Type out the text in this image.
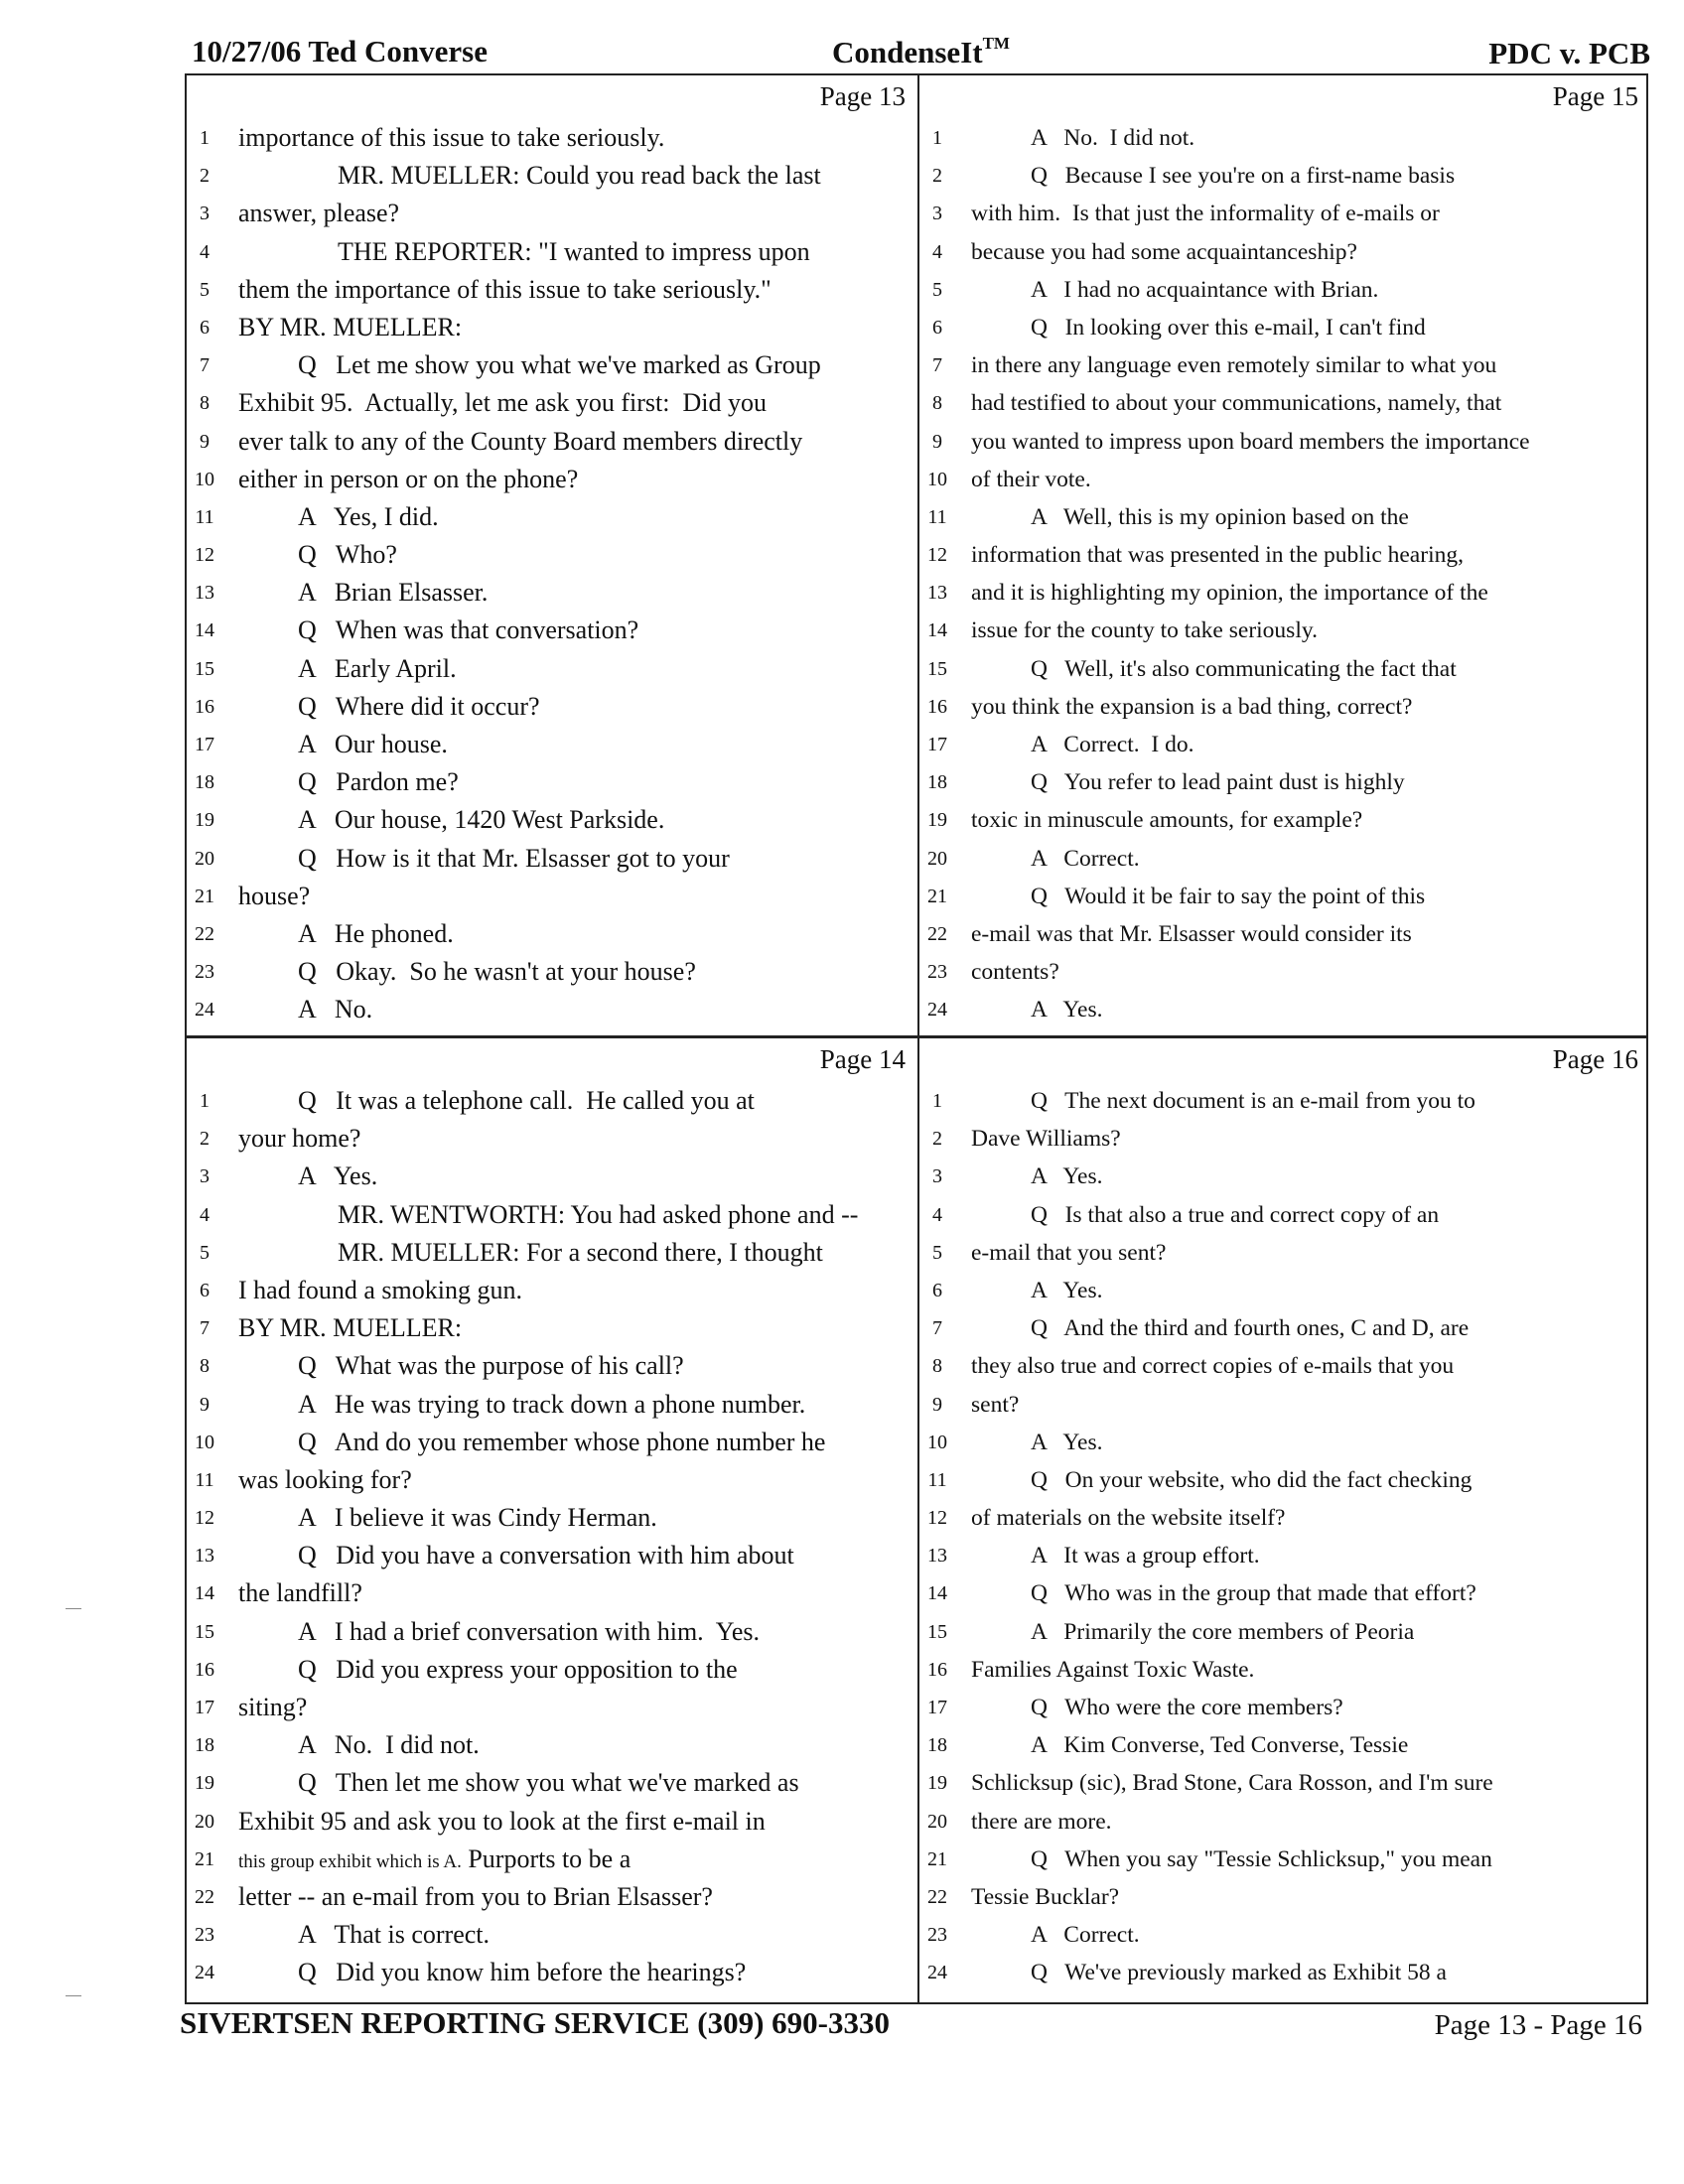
10/27/06 Ted Converse	CondenseIt™	PDC v. PCB
Page 13
1	importance of this issue to take seriously.
2	MR. MUELLER: Could you read back the last
3	answer, please?
4	THE REPORTER: "I wanted to impress upon
5	them the importance of this issue to take seriously."
6	BY MR. MUELLER:
7	Q   Let me show you what we've marked as Group
8	Exhibit 95.  Actually, let me ask you first:  Did you
9	ever talk to any of the County Board members directly
10 either in person or on the phone?
11	A   Yes, I did.
12	Q   Who?
13	A   Brian Elsasser.
14	Q   When was that conversation?
15	A   Early April.
16	Q   Where did it occur?
17	A   Our house.
18	Q   Pardon me?
19	A   Our house, 1420 West Parkside.
20	Q   How is it that Mr. Elsasser got to your
21 house?
22	A   He phoned.
23	Q   Okay.  So he wasn't at your house?
24	A   No.
Page 15
1	A   No.  I did not.
2	Q   Because I see you're on a first-name basis
3	with him.  Is that just the informality of e-mails or
4	because you had some acquaintanceship?
5	A   I had no acquaintance with Brian.
6	Q   In looking over this e-mail, I can't find
7	in there any language even remotely similar to what you
8	had testified to about your communications, namely, that
9	you wanted to impress upon board members the importance
10 of their vote.
11	A   Well, this is my opinion based on the
12 information that was presented in the public hearing,
13 and it is highlighting my opinion, the importance of the
14 issue for the county to take seriously.
15	Q   Well, it's also communicating the fact that
16 you think the expansion is a bad thing, correct?
17	A   Correct.  I do.
18	Q   You refer to lead paint dust is highly
19 toxic in minuscule amounts, for example?
20	A   Correct.
21	Q   Would it be fair to say the point of this
22 e-mail was that Mr. Elsasser would consider its
23 contents?
24	A   Yes.
Page 14
1	Q   It was a telephone call.  He called you at
2	your home?
3	A   Yes.
4	MR. WENTWORTH: You had asked phone and --
5	MR. MUELLER: For a second there, I thought
6	I had found a smoking gun.
7	BY MR. MUELLER:
8	Q   What was the purpose of his call?
9	A   He was trying to track down a phone number.
10	Q   And do you remember whose phone number he
11 was looking for?
12	A   I believe it was Cindy Herman.
13	Q   Did you have a conversation with him about
14 the landfill?
15	A   I had a brief conversation with him.  Yes.
16	Q   Did you express your opposition to the
17 siting?
18	A   No.  I did not.
19	Q   Then let me show you what we've marked as
20 Exhibit 95 and ask you to look at the first e-mail in
21 this group exhibit which is A. Purports to be a
22 letter -- an e-mail from you to Brian Elsasser?
23	A   That is correct.
24	Q   Did you know him before the hearings?
Page 16
1	Q   The next document is an e-mail from you to
2	Dave Williams?
3	A   Yes.
4	Q   Is that also a true and correct copy of an
5	e-mail that you sent?
6	A   Yes.
7	Q   And the third and fourth ones, C and D, are
8	they also true and correct copies of e-mails that you
9	sent?
10	A   Yes.
11	Q   On your website, who did the fact checking
12 of materials on the website itself?
13	A   It was a group effort.
14	Q   Who was in the group that made that effort?
15	A   Primarily the core members of Peoria
16 Families Against Toxic Waste.
17	Q   Who were the core members?
18	A   Kim Converse, Ted Converse, Tessie
19 Schlicksup (sic), Brad Stone, Cara Rosson, and I'm sure
20 there are more.
21	Q   When you say "Tessie Schlicksup," you mean
22 Tessie Bucklar?
23	A   Correct.
24	Q   We've previously marked as Exhibit 58 a
SIVERTSEN REPORTING SERVICE (309) 690-3330	Page 13 - Page 16
